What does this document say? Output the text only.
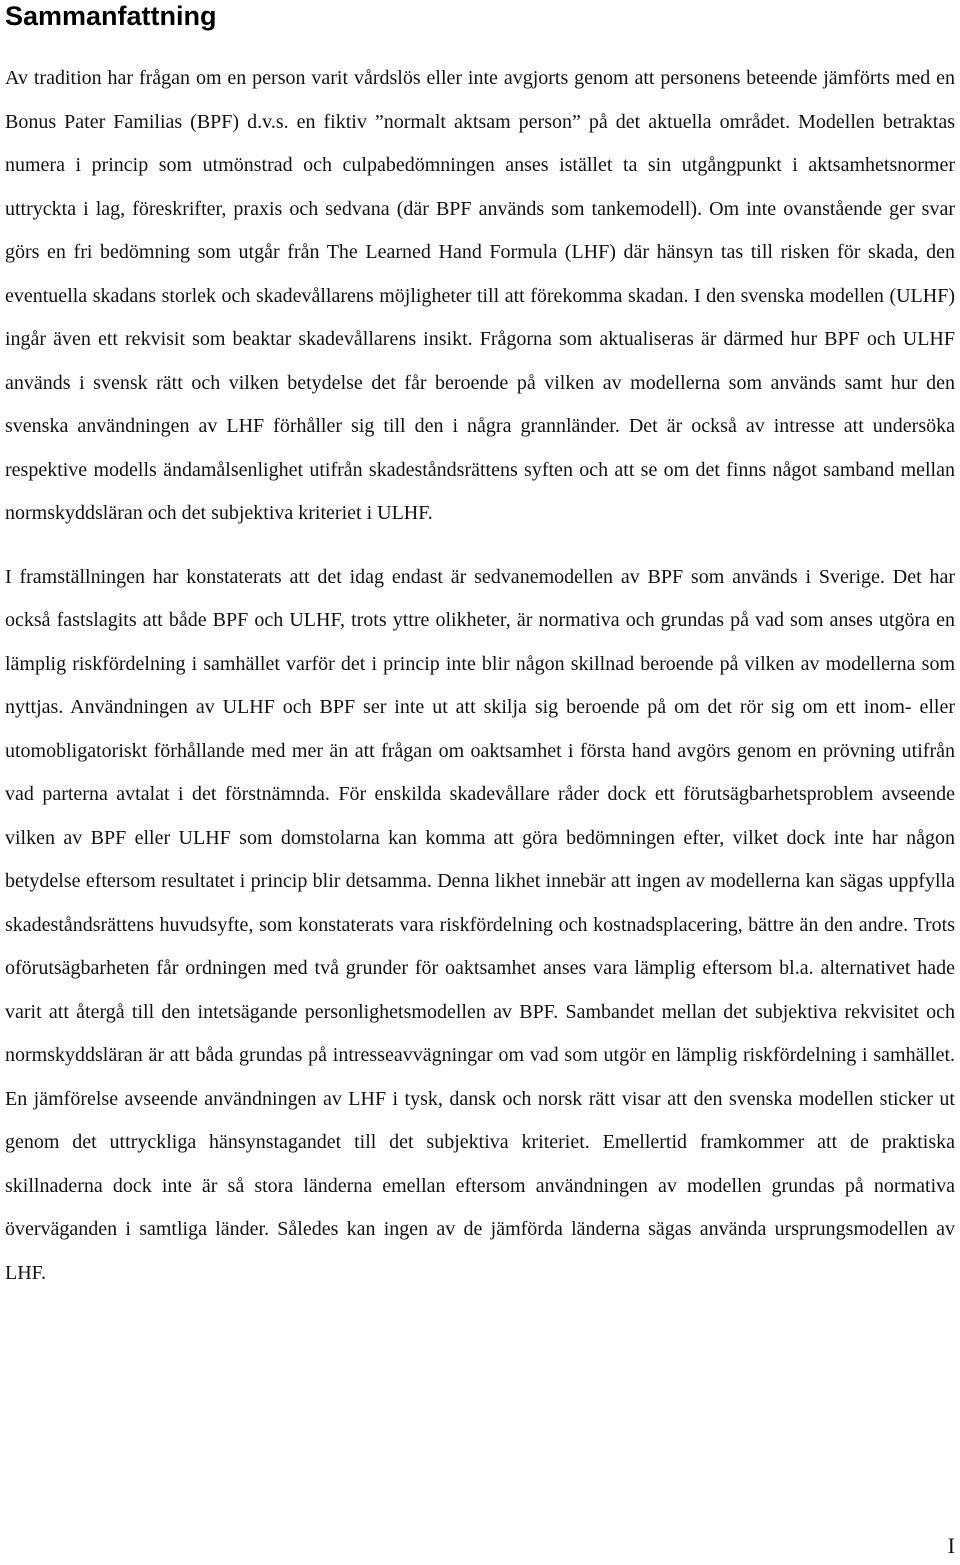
Sammanfattning

Av tradition har frågan om en person varit vårdslös eller inte avgjorts genom att personens beteende jämförts med en Bonus Pater Familias (BPF) d.v.s. en fiktiv ”normalt aktsam person” på det aktuella området. Modellen betraktas numera i princip som utmönstrad och culpabedömningen anses istället ta sin utgångpunkt i aktsamhetsnormer uttryckta i lag, föreskrifter, praxis och sedvana (där BPF används som tankemodell). Om inte ovanstående ger svar görs en fri bedömning som utgår från The Learned Hand Formula (LHF) där hänsyn tas till risken för skada, den eventuella skadans storlek och skadevållarens möjligheter till att förekomma skadan. I den svenska modellen (ULHF) ingår även ett rekvisit som beaktar skadevållarens insikt. Frågorna som aktualiseras är därmed hur BPF och ULHF används i svensk rätt och vilken betydelse det får beroende på vilken av modellerna som används samt hur den svenska användningen av LHF förhåller sig till den i några grannländer. Det är också av intresse att undersöka respektive modells ändamålsenlighet utifrån skadeståndsrättens syften och att se om det finns något samband mellan normskyddsläran och det subjektiva kriteriet i ULHF.

I framställningen har konstaterats att det idag endast är sedvanemodellen av BPF som används i Sverige. Det har också fastslagits att både BPF och ULHF, trots yttre olikheter, är normativa och grundas på vad som anses utgöra en lämplig riskfördelning i samhället varför det i princip inte blir någon skillnad beroende på vilken av modellerna som nyttjas. Användningen av ULHF och BPF ser inte ut att skilja sig beroende på om det rör sig om ett inom- eller utomobligatoriskt förhållande med mer än att frågan om oaktsamhet i första hand avgörs genom en prövning utifrån vad parterna avtalat i det förstnämnda. För enskilda skadevållare råder dock ett förutsägbarhetsproblem avseende vilken av BPF eller ULHF som domstolarna kan komma att göra bedömningen efter, vilket dock inte har någon betydelse eftersom resultatet i princip blir detsamma. Denna likhet innebär att ingen av modellerna kan sägas uppfylla skadeståndsrättens huvudsyfte, som konstaterats vara riskfördelning och kostnadsplacering, bättre än den andre. Trots oförutsägbarheten får ordningen med två grunder för oaktsamhet anses vara lämplig eftersom bl.a. alternativet hade varit att återgå till den intetsägande personlighetsmodellen av BPF. Sambandet mellan det subjektiva rekvisitet och normskyddsläran är att båda grundas på intresseavvägningar om vad som utgör en lämplig riskfördelning i samhället. En jämförelse avseende användningen av LHF i tysk, dansk och norsk rätt visar att den svenska modellen sticker ut genom det uttryckliga hänsynstagandet till det subjektiva kriteriet. Emellertid framkommer att de praktiska skillnaderna dock inte är så stora länderna emellan eftersom användningen av modellen grundas på normativa överväganden i samtliga länder. Således kan ingen av de jämförda länderna sägas använda ursprungsmodellen av LHF.

I
